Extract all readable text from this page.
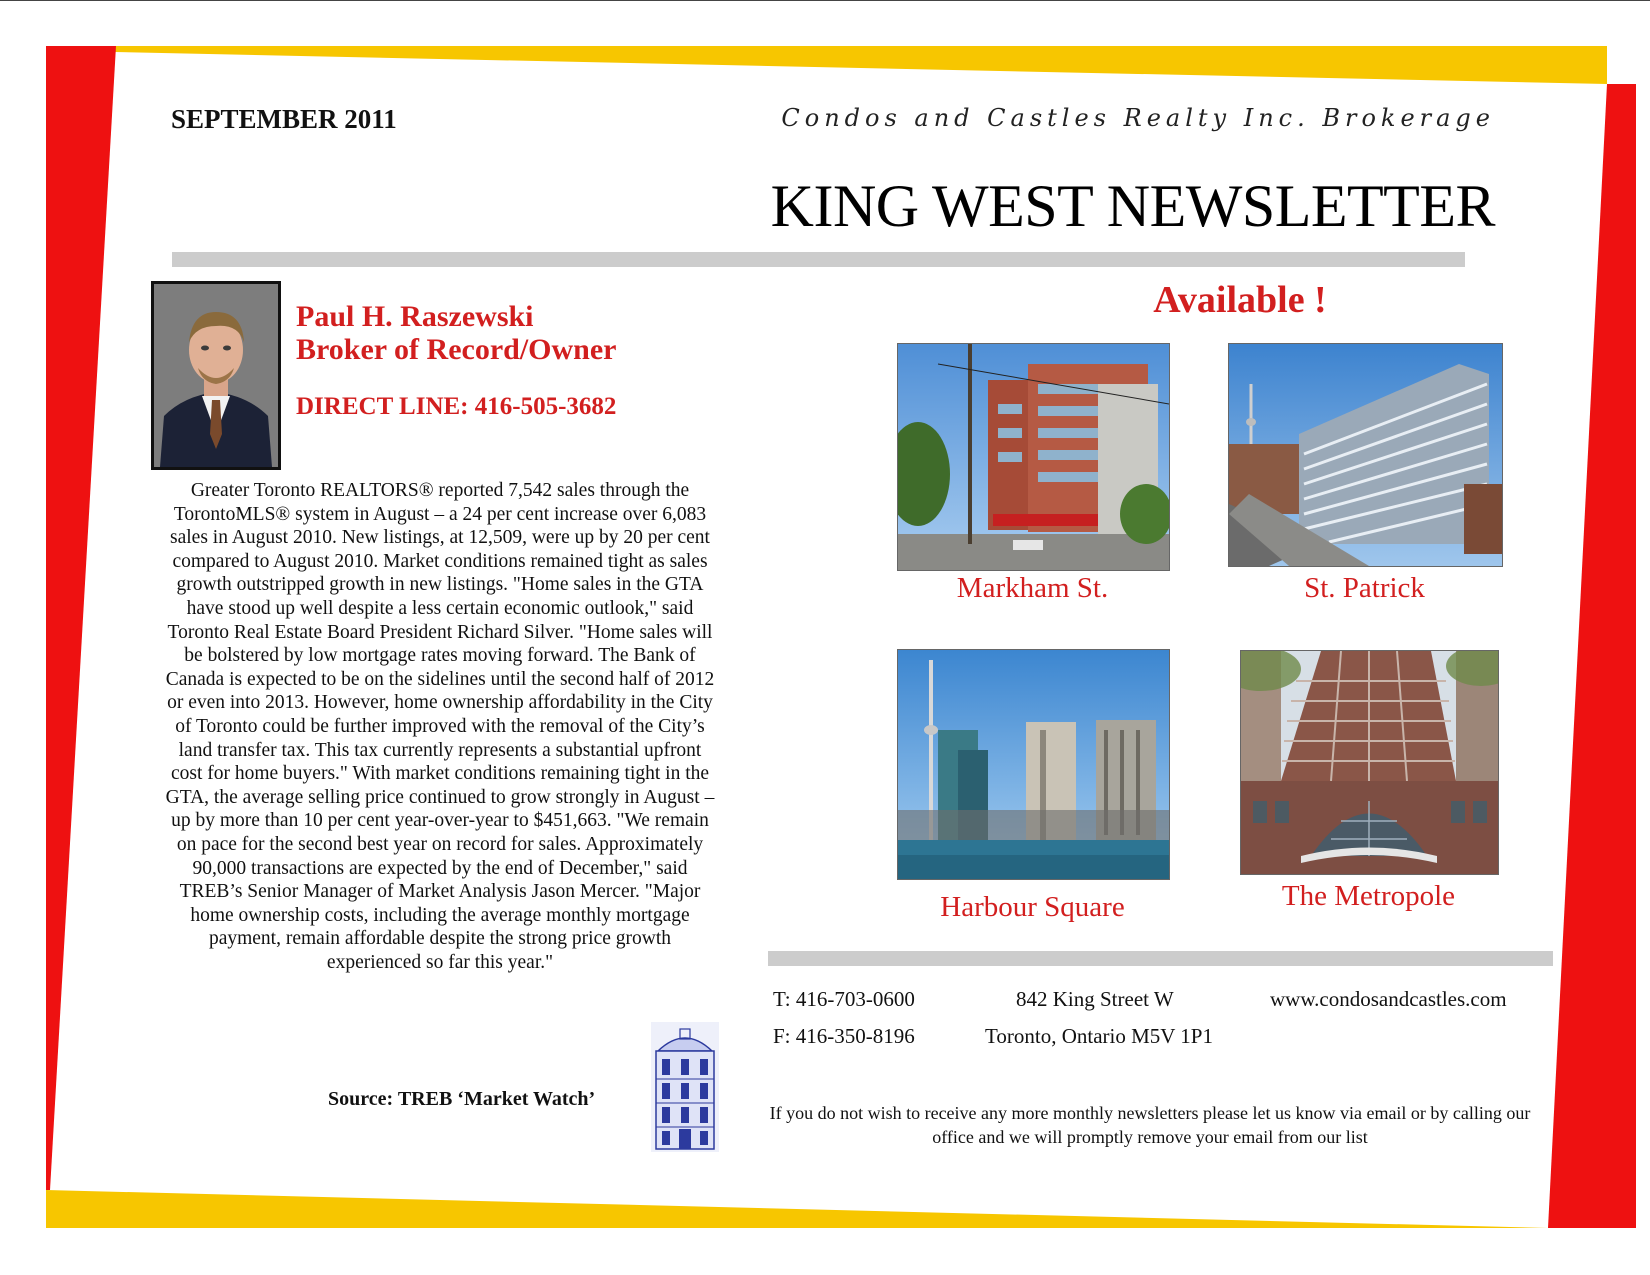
SEPTEMBER 2011	Condos and Castles Realty Inc. Brokerage
KING WEST NEWSLETTER
Paul H. Raszewski
Broker of Record/Owner
DIRECT LINE: 416-505-3682

Greater Toronto REALTORS® reported 7,542 sales through the TorontoMLS® system in August – a 24 per cent increase over 6,083 sales in August 2010. New listings, at 12,509, were up by 20 per cent compared to August 2010. Market conditions remained tight as sales growth outstripped growth in new listings. "Home sales in the GTA have stood up well despite a less certain economic outlook," said Toronto Real Estate Board President Richard Silver. "Home sales will be bolstered by low mortgage rates moving forward. The Bank of Canada is expected to be on the sidelines until the second half of 2012 or even into 2013. However, home ownership affordability in the City of Toronto could be further improved with the removal of the City’s land transfer tax. This tax currently represents a substantial upfront cost for home buyers." With market conditions remaining tight in the GTA, the average selling price continued to grow strongly in August – up by more than 10 per cent year-over-year to $451,663. "We remain on pace for the second best year on record for sales. Approximately 90,000 transactions are expected by the end of December," said TREB’s Senior Manager of Market Analysis Jason Mercer. "Major home ownership costs, including the average monthly mortgage payment, remain affordable despite the strong price growth experienced so far this year."

Source: TREB ‘Market Watch’
Available !
Markham St.	St. Patrick
Harbour Square	The Metropole
T: 416-703-0600
F: 416-350-8196
842 King Street W
Toronto, Ontario M5V 1P1
www.condosandcastles.com
If you do not wish to receive any more monthly newsletters please let us know via email or by calling our office and we will promptly remove your email from our list
